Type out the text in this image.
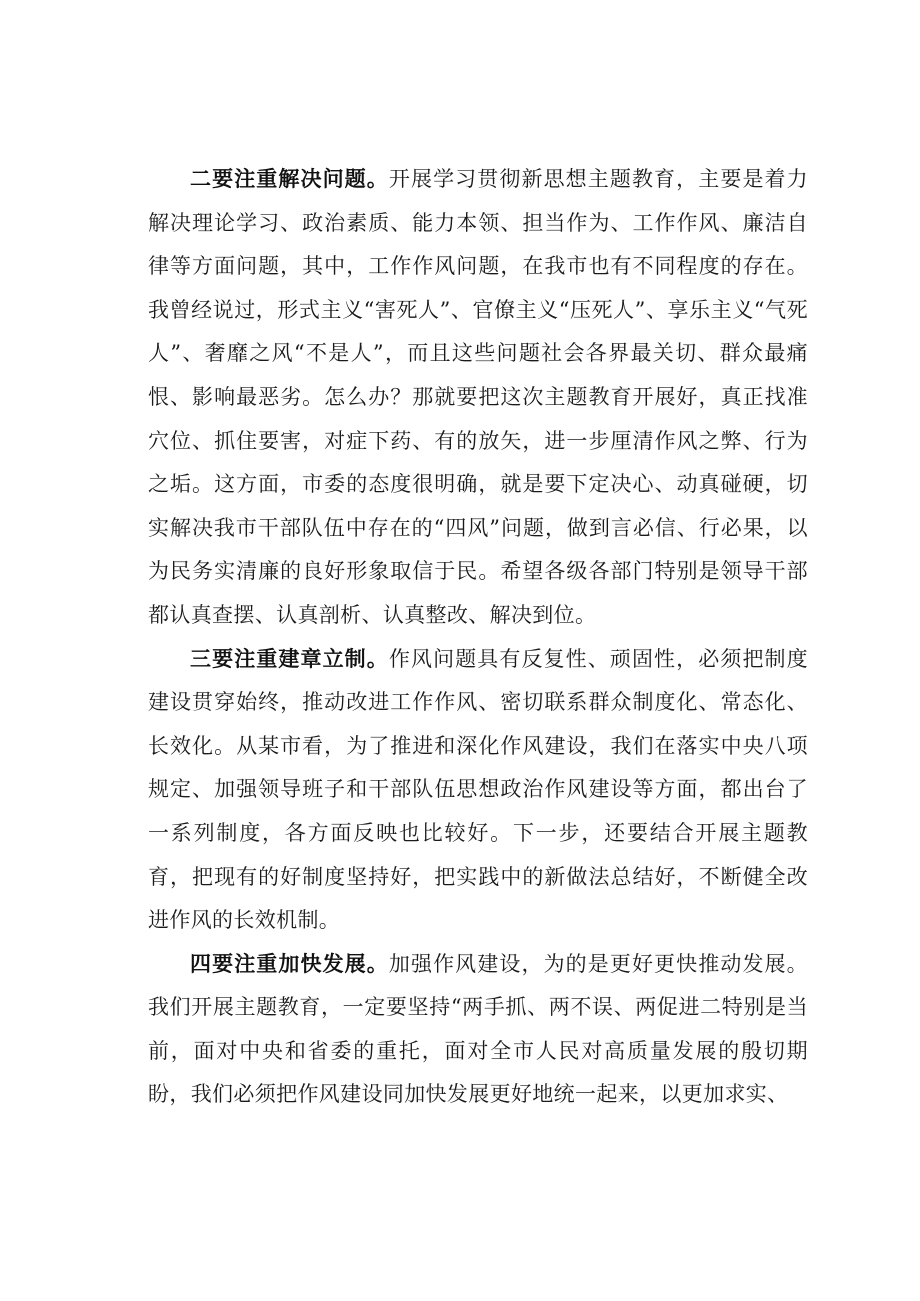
二要注重解决问题。开展学习贯彻新思想主题教育，主要是着力解决理论学习、政治素质、能力本领、担当作为、工作作风、廉洁自律等方面问题，其中，工作作风问题，在我市也有不同程度的存在。我曾经说过，形式主义“害死人”、官僚主义“压死人”、享乐主义“气死人”、奢靡之风“不是人”，而且这些问题社会各界最关切、群众最痛恨、影响最恶劣。怎么办？那就要把这次主题教育开展好，真正找准穴位、抓住要害，对症下药、有的放矢，进一步厘清作风之弊、行为之垢。这方面，市委的态度很明确，就是要下定决心、动真碰硬，切实解决我市干部队伍中存在的“四风”问题，做到言必信、行必果，以为民务实清廉的良好形象取信于民。希望各级各部门特别是领导干部都认真查摆、认真剖析、认真整改、解决到位。

三要注重建章立制。作风问题具有反复性、顽固性，必须把制度建设贯穿始终，推动改进工作作风、密切联系群众制度化、常态化、长效化。从某市看，为了推进和深化作风建设，我们在落实中央八项规定、加强领导班子和干部队伍思想政治作风建设等方面，都出台了一系列制度，各方面反映也比较好。下一步，还要结合开展主题教育，把现有的好制度坚持好，把实践中的新做法总结好，不断健全改进作风的长效机制。

四要注重加快发展。加强作风建设，为的是更好更快推动发展。我们开展主题教育，一定要坚持“两手抓、两不误、两促进二特别是当前，面对中央和省委的重托，面对全市人民对高质量发展的殷切期盼，我们必须把作风建设同加快发展更好地统一起来，以更加求实、
